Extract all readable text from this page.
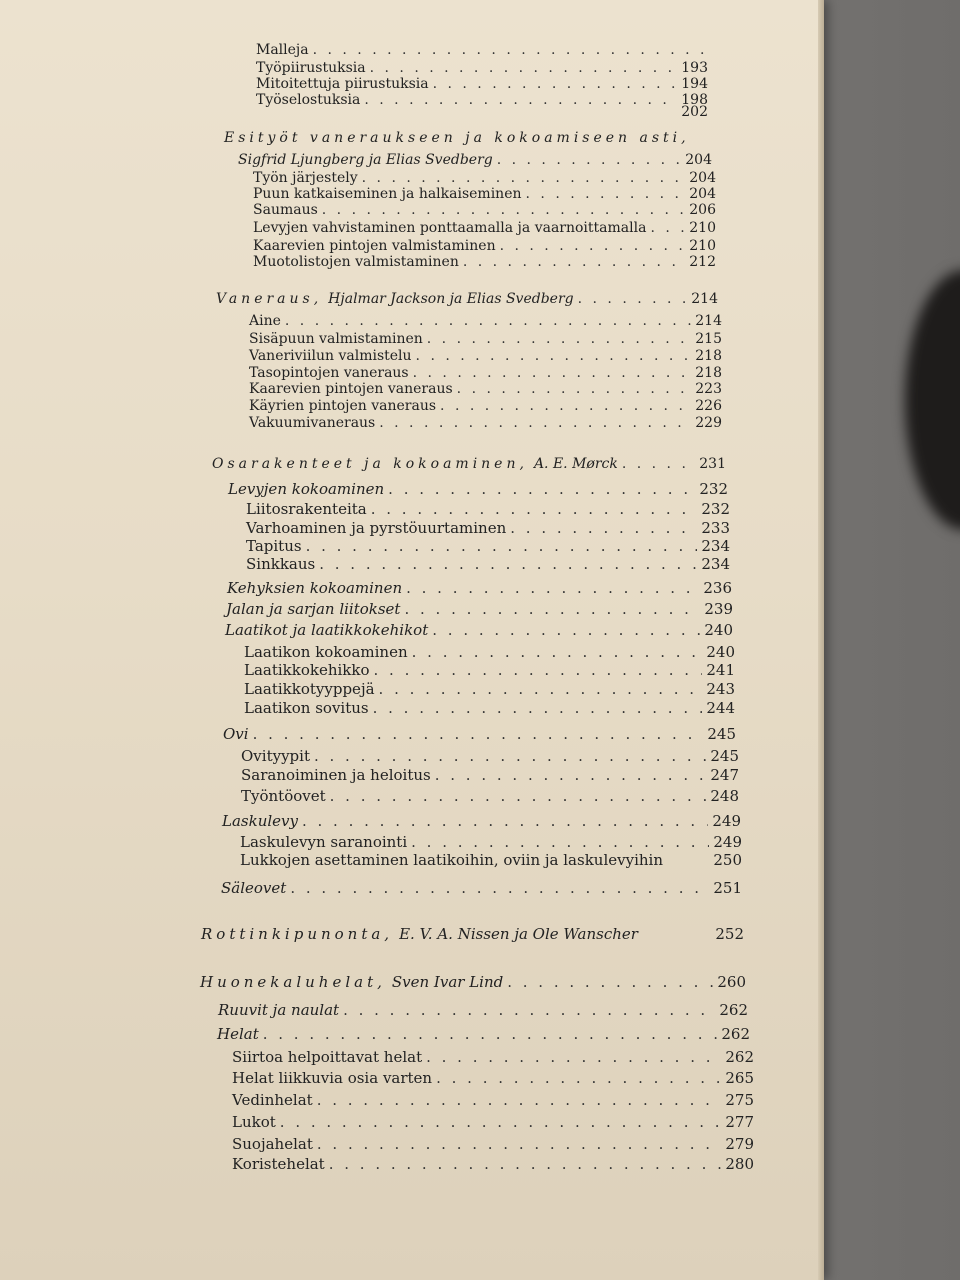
Malleja
. . .
Työpiirustuksia . . .	193
Mitoitettuja piirustuksia . . .	194
Työselostuksia . . .	198
202
Esityöt vaneraukseen ja kokoamiseen asti,
Sigfrid Ljungberg ja Elias Svedberg . . .	204
Työn järjestely . . .	204
Puun katkaiseminen ja halkaiseminen . . .	204
Saumaus . . .	206
Levyjen vahvistaminen ponttaamalla ja vaarnoittamalla . . .	210
Kaarevien pintojen valmistaminen . . .	210
Muotolistojen valmistaminen . . .	212
Vaneraus, Hjalmar Jackson ja Elias Svedberg . . .	214
Aine . . .	214
Sisäpuun valmistaminen . . .	215
Vaneriviilun valmistelu . . .	218
Tasopintojen vaneraus . . .	218
Kaarevien pintojen vaneraus . . .	223
Käyrien pintojen vaneraus . . .	226
Vakuumivaneraus . . .	229
Osarakenteet ja kokoaminen, A. E. Mørck . . .	231
Levyjen kokoaminen . . .	232
Liitosrakenteita . . .	232
Varhoaminen ja pyrstöuurtaminen . . .	233
Tapitus . . .	234
Sinkkaus . . .	234
Kehyksien kokoaminen . . .	236
Jalan ja sarjan liitokset . . .	239
Laatikot ja laatikkokehikot . . .	240
Laatikon kokoaminen . . .	240
Laatikkokehikko . . .	241
Laatikkotyyppejä . . .	243
Laatikon sovitus . . .	244
Ovi . . .	245
Ovityypit . . .	245
Saranoiminen ja heloitus . . .	247
Työntöovet . . .	248
Laskulevy . . .	249
Laskulevyn saranointi . . .	249
Lukkojen asettaminen laatikoihin, oviin ja laskulevyihin	250
Säleovet . . .	251
Rottinkipunonta, E. V. A. Nissen ja Ole Wanscher	252
Huonekaluhelat, Sven Ivar Lind . . .	260
Ruuvit ja naulat . . .	262
Helat . . .	262
Siirtoa helpoittavat helat . . .	262
Helat liikkuvia osia varten . . .	265
Vedinhelat . . .	275
Lukot . . .	277
Suojahelat . . .	279
Koristehelat . . .	280
